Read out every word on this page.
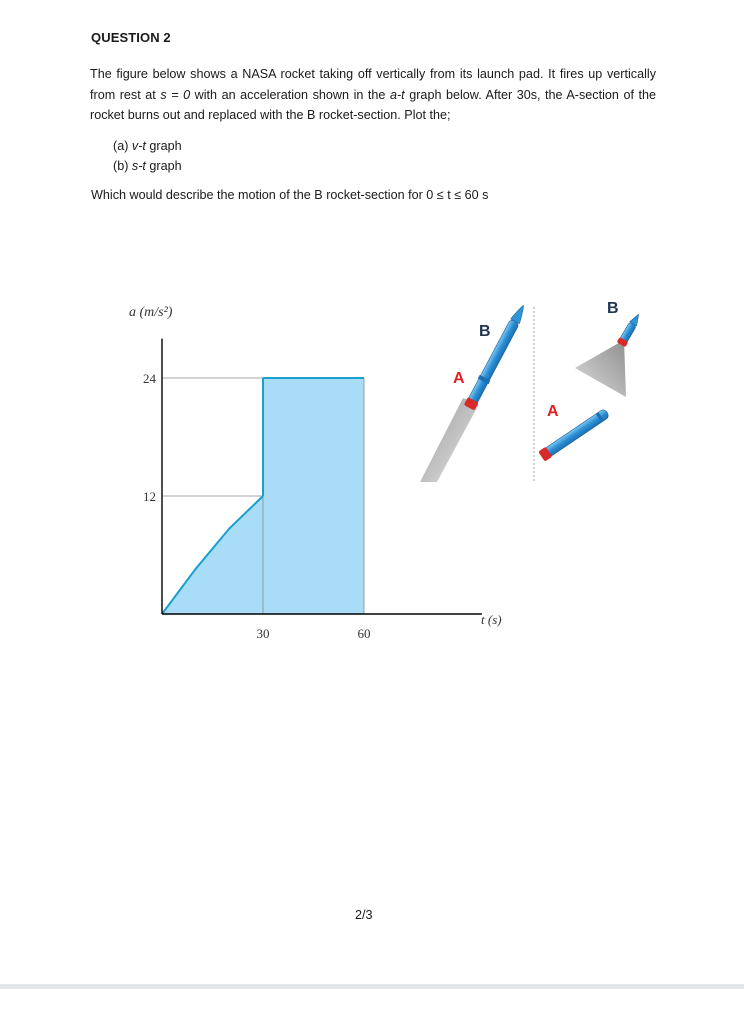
QUESTION 2
The figure below shows a NASA rocket taking off vertically from its launch pad. It fires up vertically from rest at s = 0 with an acceleration shown in the a-t graph below. After 30s, the A-section of the rocket burns out and replaced with the B rocket-section. Plot the;
(a) v-t graph
(b) s-t graph
Which would describe the motion of the B rocket-section for 0 ≤ t ≤ 60 s
24
12
30	60
a (m/s²)
t (s)
A
B
A
B
2/3
